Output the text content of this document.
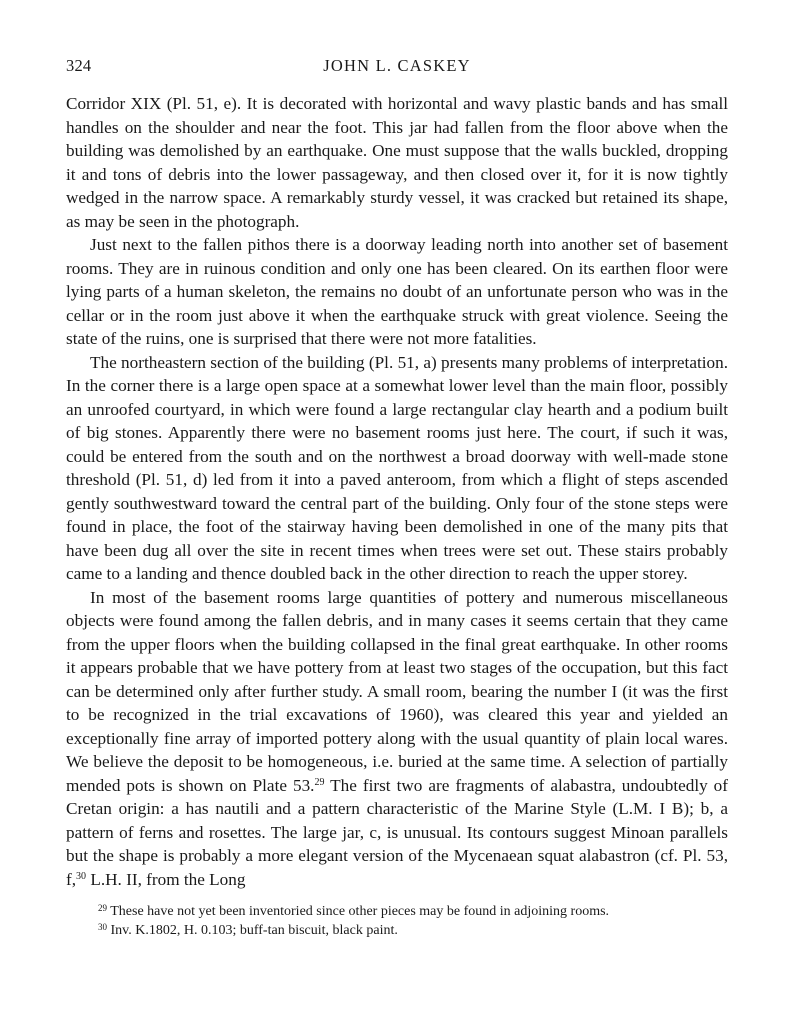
324	JOHN L. CASKEY

Corridor XIX (Pl. 51, e). It is decorated with horizontal and wavy plastic bands and has small handles on the shoulder and near the foot. This jar had fallen from the floor above when the building was demolished by an earthquake. One must suppose that the walls buckled, dropping it and tons of debris into the lower passageway, and then closed over it, for it is now tightly wedged in the narrow space. A remarkably sturdy vessel, it was cracked but retained its shape, as may be seen in the photograph.

Just next to the fallen pithos there is a doorway leading north into another set of basement rooms. They are in ruinous condition and only one has been cleared. On its earthen floor were lying parts of a human skeleton, the remains no doubt of an unfortunate person who was in the cellar or in the room just above it when the earthquake struck with great violence. Seeing the state of the ruins, one is surprised that there were not more fatalities.

The northeastern section of the building (Pl. 51, a) presents many problems of interpretation. In the corner there is a large open space at a somewhat lower level than the main floor, possibly an unroofed courtyard, in which were found a large rectangular clay hearth and a podium built of big stones. Apparently there were no basement rooms just here. The court, if such it was, could be entered from the south and on the northwest a broad doorway with well-made stone threshold (Pl. 51, d) led from it into a paved anteroom, from which a flight of steps ascended gently southwestward toward the central part of the building. Only four of the stone steps were found in place, the foot of the stairway having been demolished in one of the many pits that have been dug all over the site in recent times when trees were set out. These stairs probably came to a landing and thence doubled back in the other direction to reach the upper storey.

In most of the basement rooms large quantities of pottery and numerous miscellaneous objects were found among the fallen debris, and in many cases it seems certain that they came from the upper floors when the building collapsed in the final great earthquake. In other rooms it appears probable that we have pottery from at least two stages of the occupation, but this fact can be determined only after further study. A small room, bearing the number I (it was the first to be recognized in the trial excavations of 1960), was cleared this year and yielded an exceptionally fine array of imported pottery along with the usual quantity of plain local wares. We believe the deposit to be homogeneous, i.e. buried at the same time. A selection of partially mended pots is shown on Plate 53.29 The first two are fragments of alabastra, undoubtedly of Cretan origin: a has nautili and a pattern characteristic of the Marine Style (L.M. I B); b, a pattern of ferns and rosettes. The large jar, c, is unusual. Its contours suggest Minoan parallels but the shape is probably a more elegant version of the Mycenaean squat alabastron (cf. Pl. 53, f,$^{30}$ L.H. II, from the Long

$^{29}$ These have not yet been inventoried since other pieces may be found in adjoining rooms.
$^{30}$ Inv. K.1802, H. 0.103; buff-tan biscuit, black paint.
